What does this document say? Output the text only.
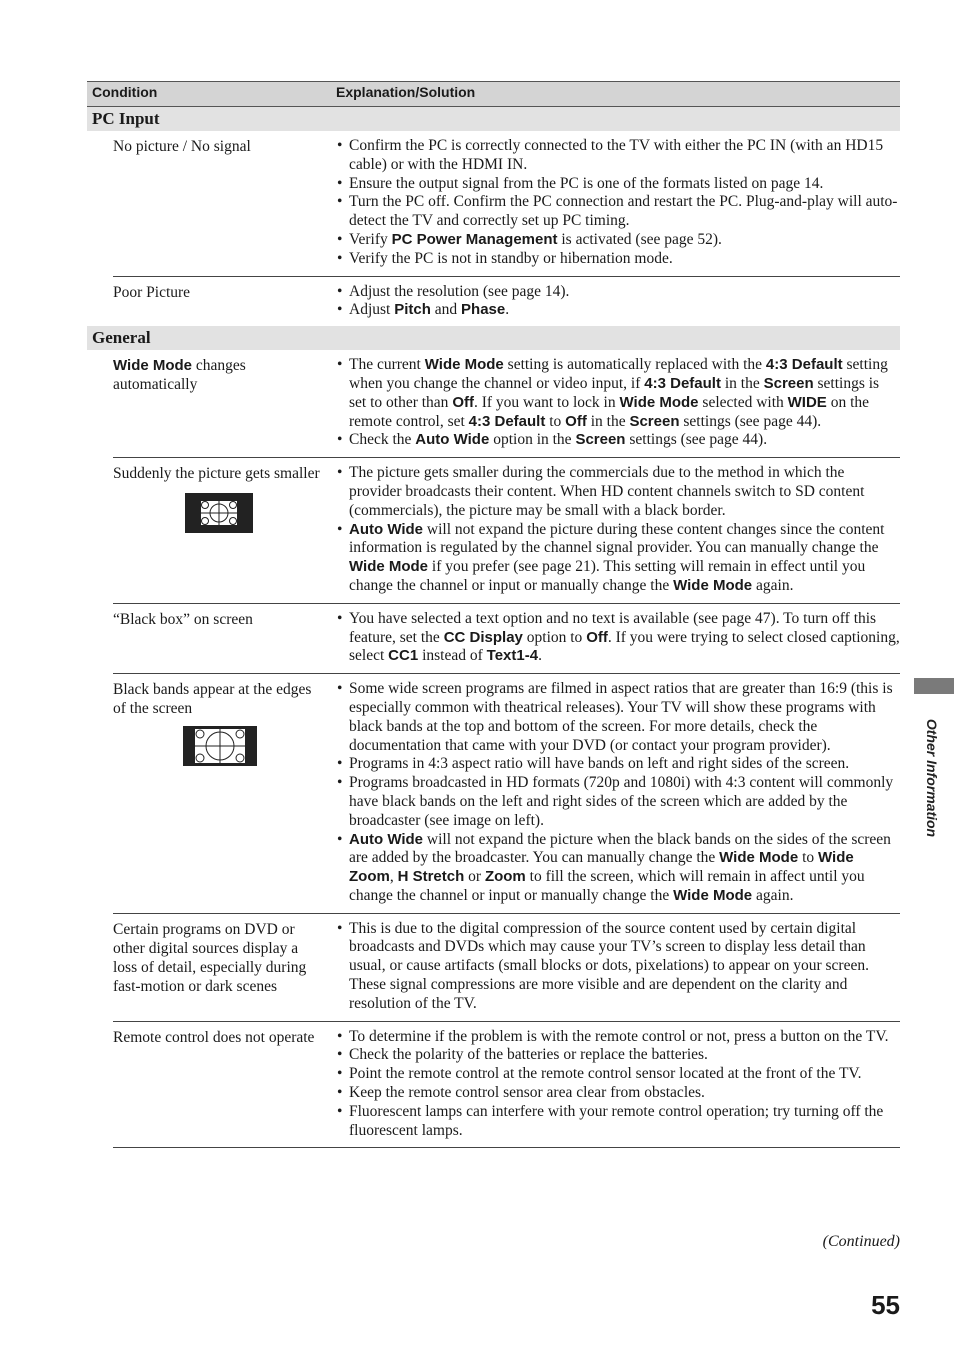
Condition	Explanation/Solution
PC Input
No picture / No signal	• Confirm the PC is correctly connected to the TV with either the PC IN (with an HD15 cable) or with the HDMI IN.
• Ensure the output signal from the PC is one of the formats listed on page 14.
• Turn the PC off. Confirm the PC connection and restart the PC. Plug-and-play will auto-detect the TV and correctly set up PC timing.
• Verify PC Power Management is activated (see page 52).
• Verify the PC is not in standby or hibernation mode.
Poor Picture	• Adjust the resolution (see page 14).
• Adjust Pitch and Phase.
General
Wide Mode changes automatically
• The current Wide Mode setting is automatically replaced with the 4:3 Default setting when you change the channel or video input, if 4:3 Default in the Screen settings is set to other than Off. If you want to lock in Wide Mode selected with WIDE on the remote control, set 4:3 Default to Off in the Screen settings (see page 44).
• Check the Auto Wide option in the Screen settings (see page 44).
Suddenly the picture gets smaller	• The picture gets smaller during the commercials due to the method in which the provider broadcasts their content. When HD content channels switch to SD content (commercials), the picture may be small with a black border.
• Auto Wide will not expand the picture during these content changes since the content information is regulated by the channel signal provider. You can manually change the Wide Mode if you prefer (see page 21). This setting will remain in effect until you change the channel or input or manually change the Wide Mode again.
“Black box” on screen	• You have selected a text option and no text is available (see page 47). To turn off this feature, set the CC Display option to Off. If you were trying to select closed captioning, select CC1 instead of Text1-4.
Black bands appear at the edges of the screen
• Some wide screen programs are filmed in aspect ratios that are greater than 16:9 (this is especially common with theatrical releases). Your TV will show these programs with black bands at the top and bottom of the screen. For more details, check the documentation that came with your DVD (or contact your program provider).
• Programs in 4:3 aspect ratio will have bands on left and right sides of the screen.
• Programs broadcasted in HD formats (720p and 1080i) with 4:3 content will commonly have black bands on the left and right sides of the screen which are added by the broadcaster (see image on left).
• Auto Wide will not expand the picture when the black bands on the sides of the screen are added by the broadcaster. You can manually change the Wide Mode to Wide Zoom, H Stretch or Zoom to fill the screen, which will remain in affect until you change the channel or input or manually change the Wide Mode again.
Certain programs on DVD or other digital sources display a loss of detail, especially during fast-motion or dark scenes
• This is due to the digital compression of the source content used by certain digital broadcasts and DVDs which may cause your TV’s screen to display less detail than usual, or cause artifacts (small blocks or dots, pixelations) to appear on your screen. These signal compressions are more visible and are dependent on the clarity and resolution of the TV.
Remote control does not operate	• To determine if the problem is with the remote control or not, press a button on the TV.
• Check the polarity of the batteries or replace the batteries.
• Point the remote control at the remote control sensor located at the front of the TV.
• Keep the remote control sensor area clear from obstacles.
• Fluorescent lamps can interfere with your remote control operation; try turning off the fluorescent lamps.
Other Information
(Continued)
55
